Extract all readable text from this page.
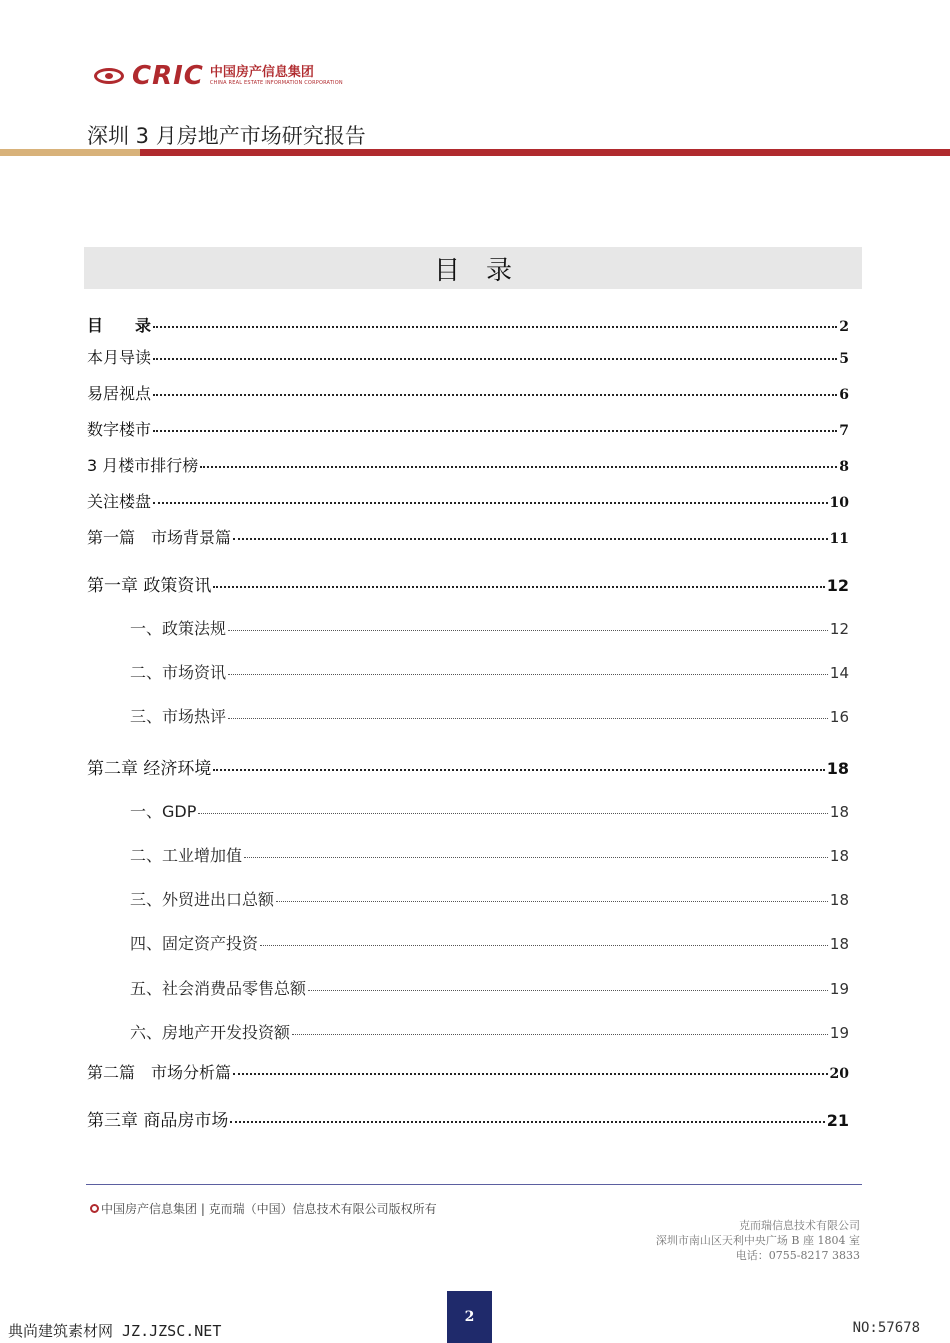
CRIC 中国房产信息集团
CHINA REAL ESTATE INFORMATION CORPORATION
深圳 3 月房地产市场研究报告
目录
目　　录	2
本月导读	5
易居视点	6
数字楼市	7
3 月楼市排行榜	8
关注楼盘	10
第一篇　市场背景篇	11
第一章 政策资讯	12
一、政策法规	12
二、市场资讯	14
三、市场热评	16
第二章 经济环境	18
一、GDP	18
二、工业增加值	18
三、外贸进出口总额	18
四、固定资产投资	18
五、社会消费品零售总额	19
六、房地产开发投资额	19
第二篇　市场分析篇	20
第三章 商品房市场	21
中国房产信息集团 | 克而瑞（中国）信息技术有限公司版权所有
克而瑞信息技术有限公司
深圳市南山区天利中央广场 B 座 1804 室
电话：0755-8217 3833
2
典尚建筑素材网 JZ.JZSC.NET	NO:57678
